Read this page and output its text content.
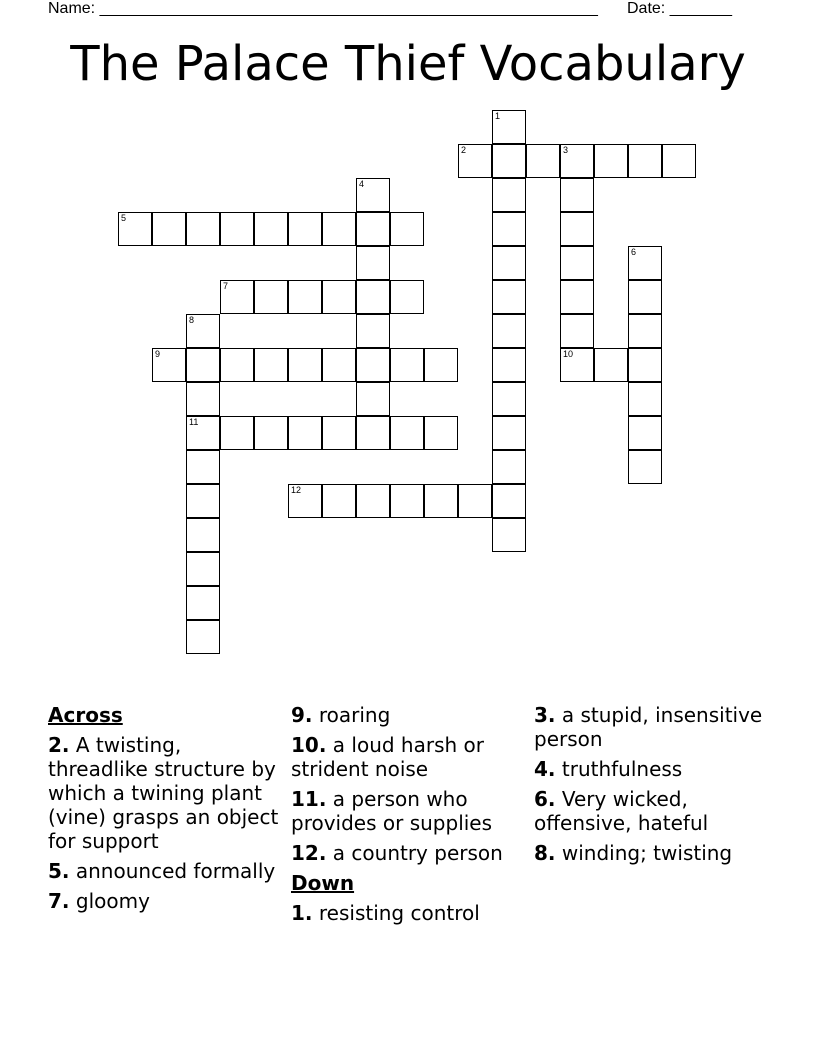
Name: ________________________________________________________ Date: _______
The Palace Thief Vocabulary
1
2	3
4
5
6
7
8
9	10
11
12
Across
2. A twisting, threadlike structure by which a twining plant (vine) grasps an object for support
5. announced formally
7. gloomy
9. roaring
10. a loud harsh or strident noise
11. a person who provides or supplies
12. a country person
Down
1. resisting control
3. a stupid, insensitive person
4. truthfulness
6. Very wicked, offensive, hateful
8. winding; twisting
